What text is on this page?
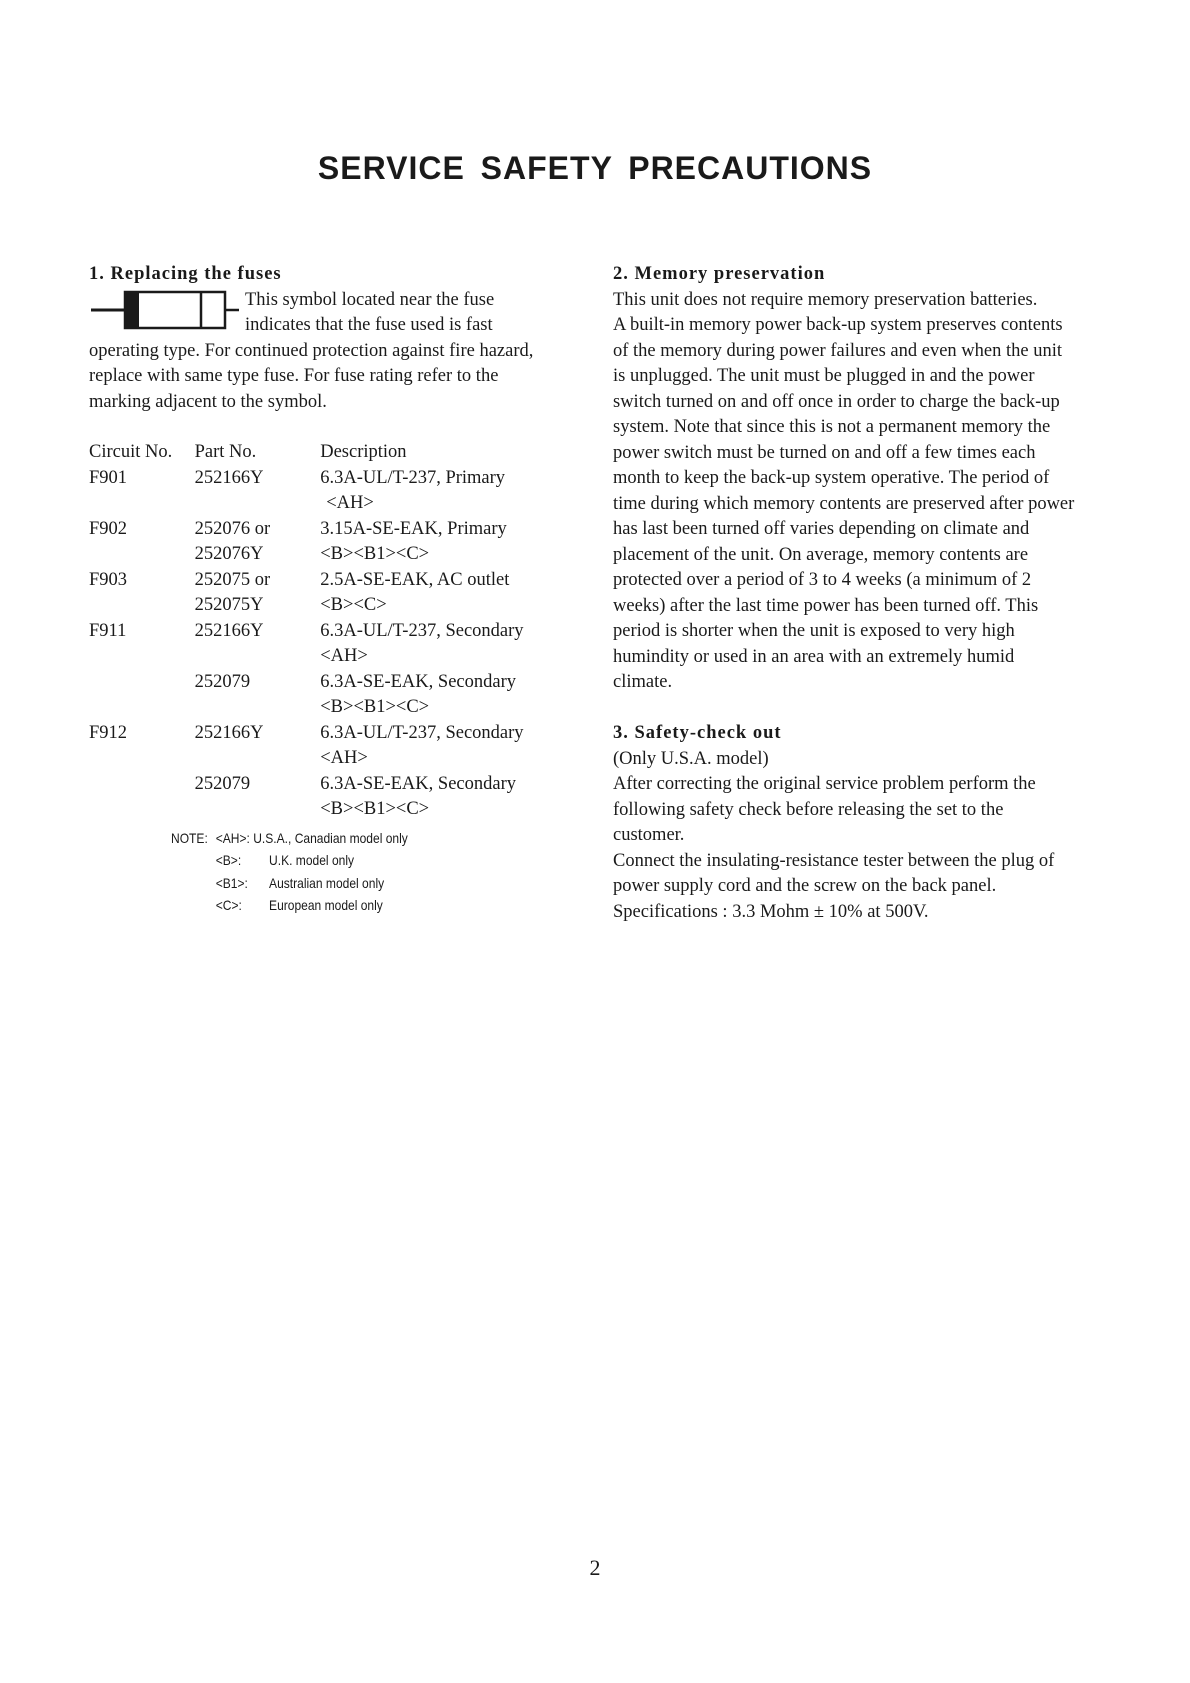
SERVICE SAFETY PRECAUTIONS
1. Replacing the fuses
This symbol located near the fuse
indicates that the fuse used is fast
operating type. For continued protection against fire hazard,
replace with same type fuse. For fuse rating refer to the
marking adjacent to the symbol.
Circuit No.	Part No.	Description
F901	252166Y	6.3A-UL/T-237, Primary
		<AH>
F902	252076 or	3.15A-SE-EAK, Primary
	252076Y	<B><B1><C>
F903	252075 or	2.5A-SE-EAK, AC outlet
	252075Y	<B><C>
F911	252166Y	6.3A-UL/T-237, Secondary
		<AH>
	252079	6.3A-SE-EAK, Secondary
		<B><B1><C>
F912	252166Y	6.3A-UL/T-237, Secondary
		<AH>
	252079	6.3A-SE-EAK, Secondary
		<B><B1><C>
NOTE: <AH>: U.S.A., Canadian model only
<B>: U.K. model only
<B1>: Australian model only
<C>: European model only
2. Memory preservation
This unit does not require memory preservation batteries.
A built-in memory power back-up system preserves contents
of the memory during power failures and even when the unit
is unplugged. The unit must be plugged in and the power
switch turned on and off once in order to charge the back-up
system. Note that since this is not a permanent memory the
power switch must be turned on and off a few times each
month to keep the back-up system operative. The period of
time during which memory contents are preserved after power
has last been turned off varies depending on climate and
placement of the unit. On average, memory contents are
protected over a period of 3 to 4 weeks (a minimum of 2
weeks) after the last time power has been turned off. This
period is shorter when the unit is exposed to very high
humindity or used in an area with an extremely humid
climate.
3. Safety-check out
(Only U.S.A. model)
After correcting the original service problem perform the
following safety check before releasing the set to the
customer.
Connect the insulating-resistance tester between the plug of
power supply cord and the screw on the back panel.
Specifications : 3.3 Mohm ± 10% at 500V.
2
